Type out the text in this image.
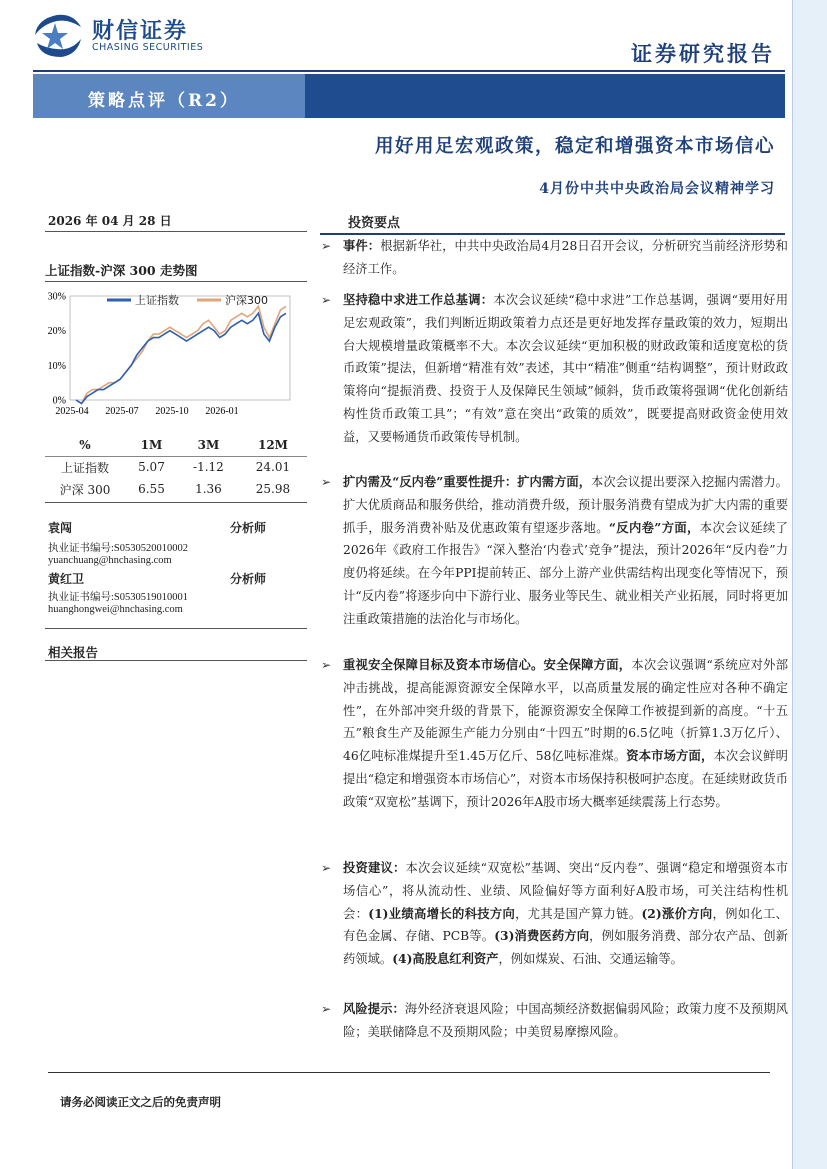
财信证券
CHASING SECURITIES	证券研究报告
策略点评（R2）
用好用足宏观政策，稳定和增强资本市场信心
4月份中共中央政治局会议精神学习
2026 年 04 月 28 日
上证指数-沪深 300 走势图
0%
10%
20%
30%
2025-04 2025-07 2025-10 2026-01
上证指数	沪深300
%	1M	3M	12M
上证指数	5.07	-1.12	24.01
沪深 300	6.55	1.36	25.98
袁闯	分析师
执业证书编号:S0530520010002
yuanchuang@hnchasing.com
黄红卫	分析师
执业证书编号:S0530519010001
huanghongwei@hnchasing.com
相关报告
投资要点
➢ 事件：根据新华社，中共中央政治局4月28日召开会议，分析研究当前经济形势和经济工作。
➢ 坚持稳中求进工作总基调：本次会议延续“稳中求进”工作总基调，强调“要用好用足宏观政策”，我们判断近期政策着力点还是更好地发挥存量政策的效力，短期出台大规模增量政策概率不大。本次会议延续“更加积极的财政政策和适度宽松的货币政策”提法，但新增“精准有效”表述，其中“精准”侧重“结构调整”，预计财政政策将向“提振消费、投资于人及保障民生领域”倾斜，货币政策将强调“优化创新结构性货币政策工具”；“有效”意在突出“政策的质效”，既要提高财政资金使用效益，又要畅通货币政策传导机制。
➢ 扩内需及“反内卷”重要性提升：扩内需方面，本次会议提出要深入挖掘内需潜力。扩大优质商品和服务供给，推动消费升级，预计服务消费有望成为扩大内需的重要抓手，服务消费补贴及优惠政策有望逐步落地。“反内卷”方面，本次会议延续了2026年《政府工作报告》“深入整治‘内卷式’竞争”提法，预计2026年“反内卷”力度仍将延续。在今年PPI提前转正、部分上游产业供需结构出现变化等情况下，预计“反内卷”将逐步向中下游行业、服务业等民生、就业相关产业拓展，同时将更加注重政策措施的法治化与市场化。
➢ 重视安全保障目标及资本市场信心。安全保障方面，本次会议强调“系统应对外部冲击挑战，提高能源资源安全保障水平，以高质量发展的确定性应对各种不确定性”，在外部冲突升级的背景下，能源资源安全保障工作被提到新的高度。“十五五”粮食生产及能源生产能力分别由“十四五”时期的6.5亿吨（折算1.3万亿斤）、46亿吨标准煤提升至1.45万亿斤、58亿吨标准煤。资本市场方面，本次会议鲜明提出“稳定和增强资本市场信心”，对资本市场保持积极呵护态度。在延续财政货币政策“双宽松”基调下，预计2026年A股市场大概率延续震荡上行态势。
➢ 投资建议：本次会议延续“双宽松”基调、突出“反内卷”、强调“稳定和增强资本市场信心”，将从流动性、业绩、风险偏好等方面利好A股市场，可关注结构性机会：(1)业绩高增长的科技方向，尤其是国产算力链。(2)涨价方向，例如化工、有色金属、存储、PCB等。(3)消费医药方向，例如服务消费、部分农产品、创新药领域。(4)高股息红利资产，例如煤炭、石油、交通运输等。
➢ 风险提示：海外经济衰退风险；中国高频经济数据偏弱风险；政策力度不及预期风险；美联储降息不及预期风险；中美贸易摩擦风险。
请务必阅读正文之后的免责声明
